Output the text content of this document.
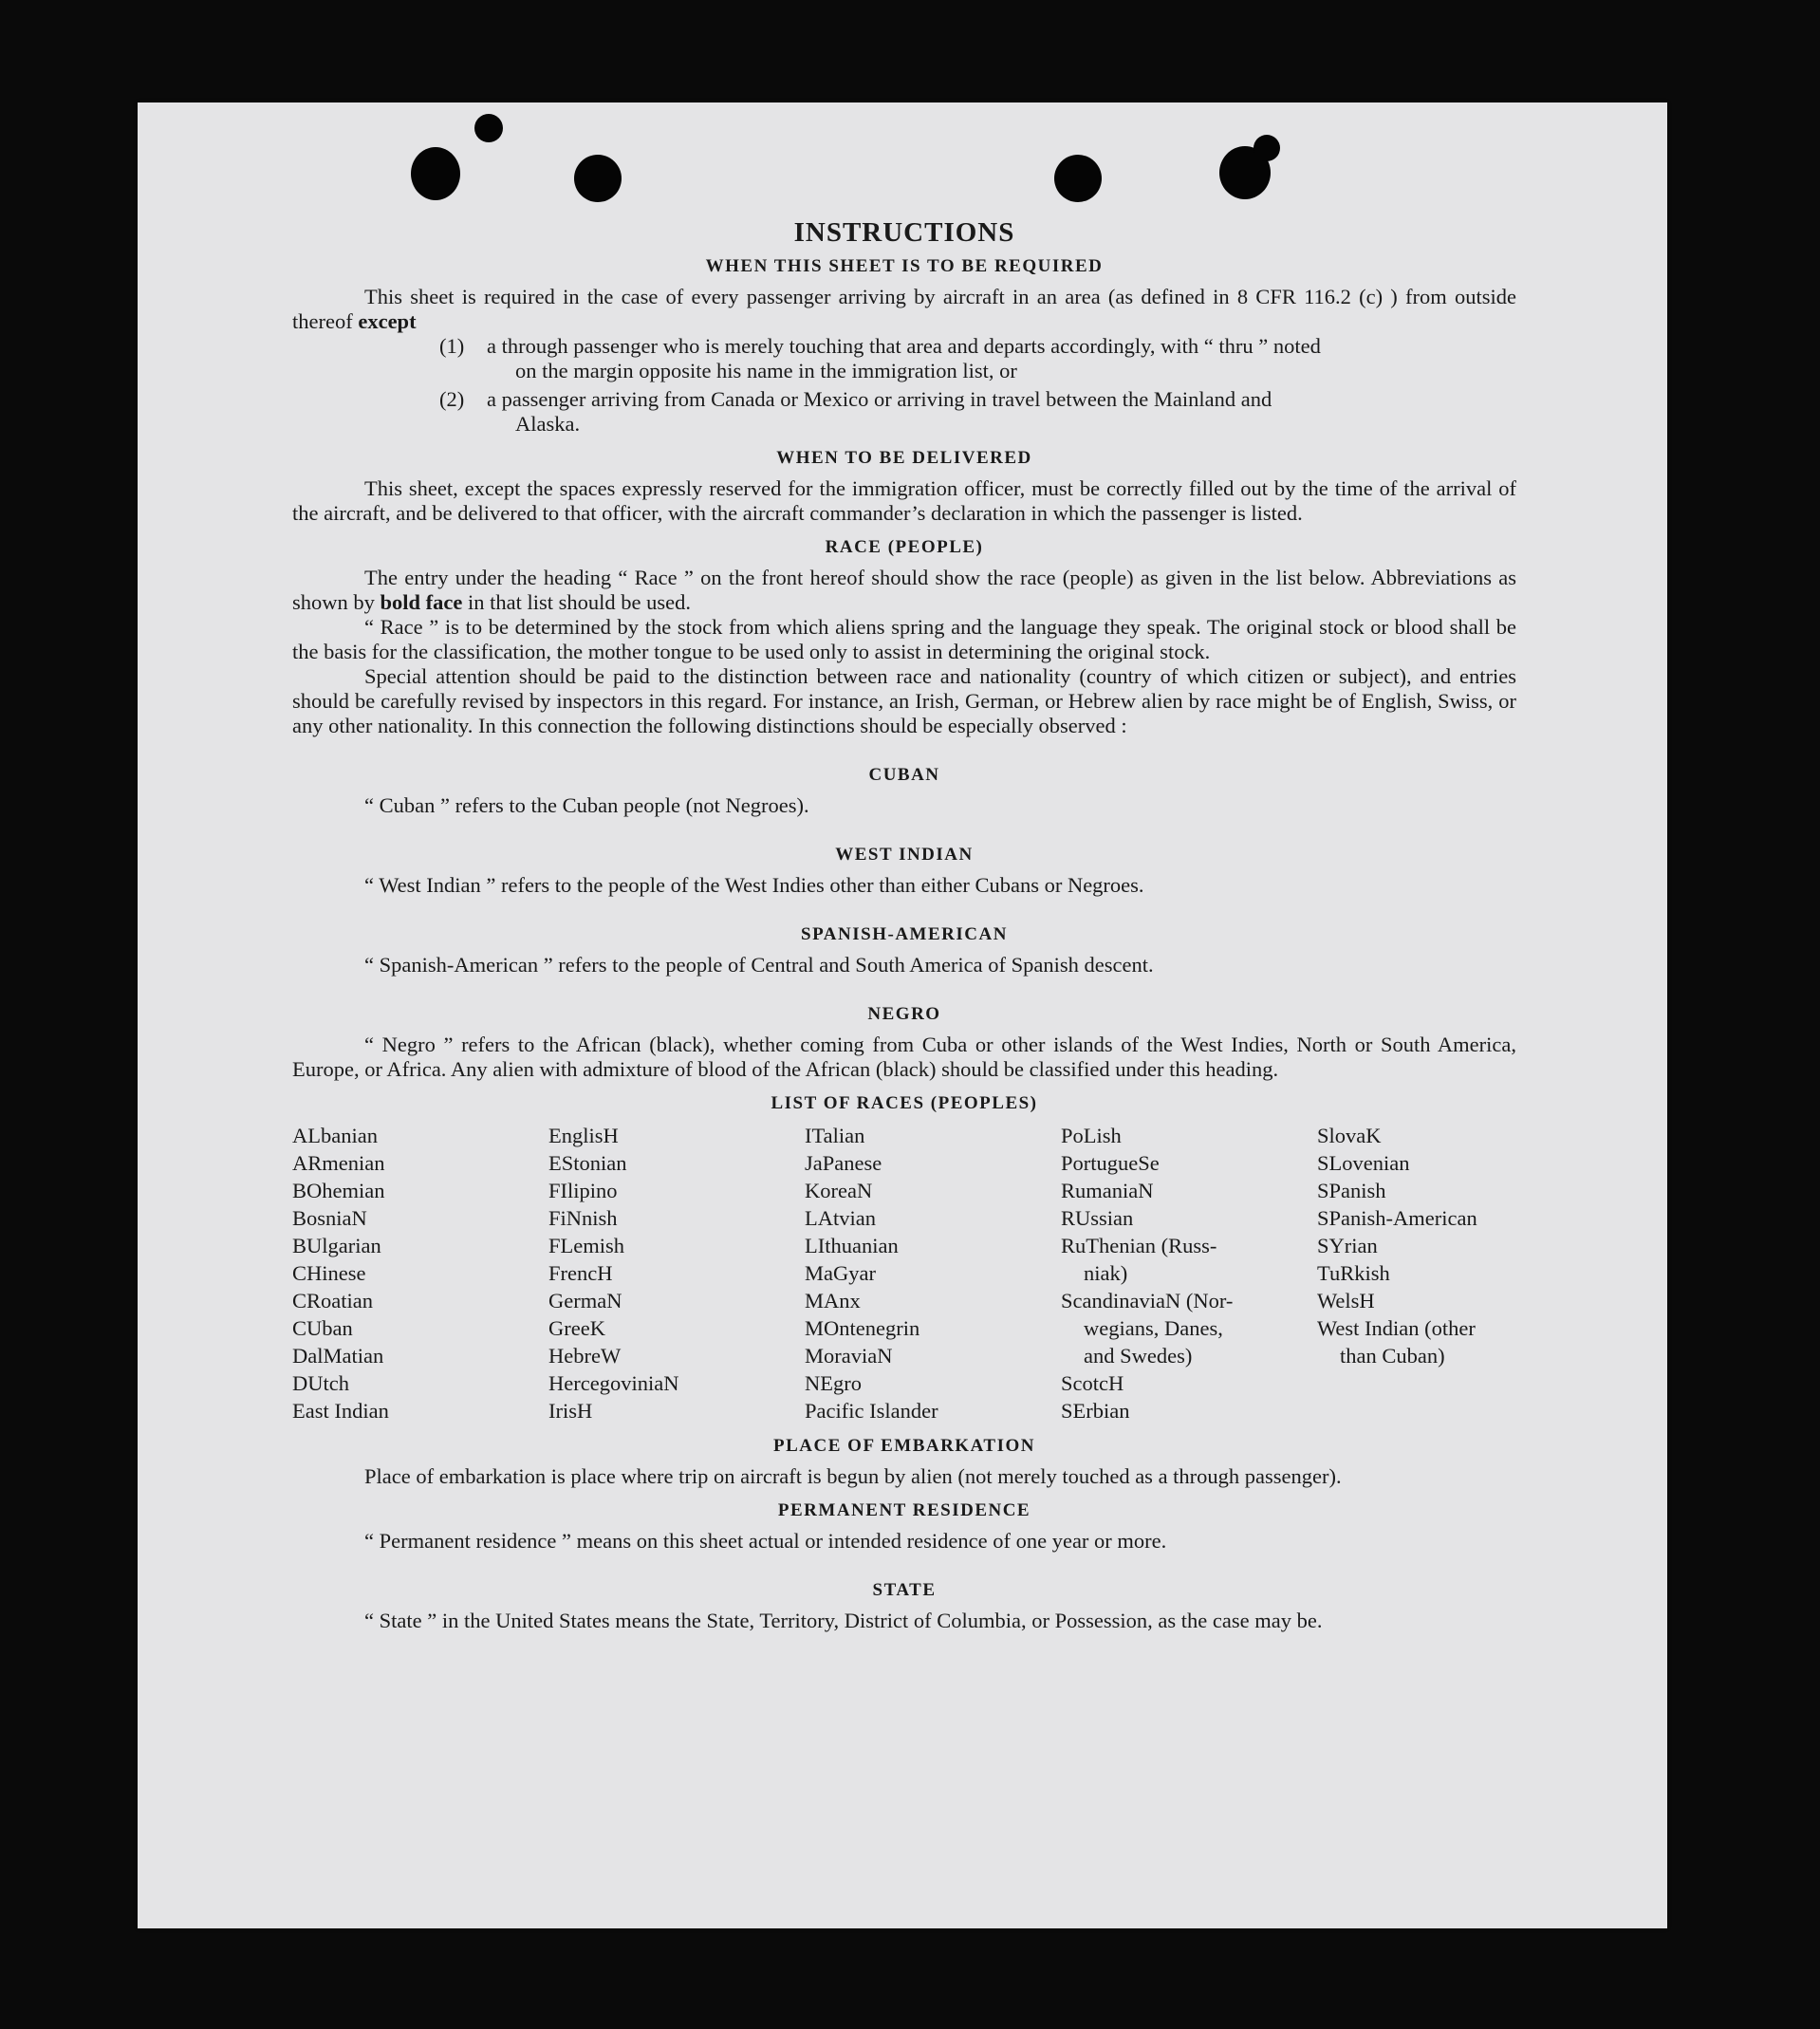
INSTRUCTIONS
WHEN THIS SHEET IS TO BE REQUIRED

This sheet is required in the case of every passenger arriving by aircraft in an area (as defined in 8 CFR 116.2 (c) ) from outside thereof except

(1)	a through passenger who is merely touching that area and departs accordingly, with “ thru ” noted
on the margin opposite his name in the immigration list, or
(2)	a passenger arriving from Canada or Mexico or arriving in travel between the Mainland and
Alaska.
WHEN TO BE DELIVERED

This sheet, except the spaces expressly reserved for the immigration officer, must be correctly filled out by the time of the arrival of the aircraft, and be delivered to that officer, with the aircraft commander’s declaration in which the passenger is listed.

RACE (PEOPLE)

The entry under the heading “ Race ” on the front hereof should show the race (people) as given in the list below. Abbreviations as shown by bold face in that list should be used.

“ Race ” is to be determined by the stock from which aliens spring and the language they speak. The original stock or blood shall be the basis for the classification, the mother tongue to be used only to assist in determining the original stock.

Special attention should be paid to the distinction between race and nationality (country of which citizen or subject), and entries should be carefully revised by inspectors in this regard. For instance, an Irish, German, or Hebrew alien by race might be of English, Swiss, or any other nationality. In this connection the following distinctions should be especially observed :

CUBAN

“ Cuban ” refers to the Cuban people (not Negroes).

WEST INDIAN

“ West Indian ” refers to the people of the West Indies other than either Cubans or Negroes.

SPANISH-AMERICAN

“ Spanish-American ” refers to the people of Central and South America of Spanish descent.

NEGRO

“ Negro ” refers to the African (black), whether coming from Cuba or other islands of the West Indies, North or South America, Europe, or Africa. Any alien with admixture of blood of the African (black) should be classified under this heading.

LIST OF RACES (PEOPLES)
ALbanian
ARmenian
BOhemian
BosniaN
BUlgarian
CHinese
CRoatian
CUban
DalMatian
DUtch
East Indian
EnglisH
EStonian
FIlipino
FiNnish
FLemish
FrencH
GermaN
GreeK
HebreW
HercegoviniaN
IrisH
ITalian
JaPanese
KoreaN
LAtvian
LIthuanian
MaGyar
MAnx
MOntenegrin
MoraviaN
NEgro
Pacific Islander
PoLish
PortugueSe
RumaniaN
RUssian
RuThenian (Russ-
niak)
ScandinaviaN (Nor-
wegians, Danes,
and Swedes)
ScotcH
SErbian
SlovaK
SLovenian
SPanish
SPanish-American
SYrian
TuRkish
WelsH
West Indian (other
than Cuban)
PLACE OF EMBARKATION

Place of embarkation is place where trip on aircraft is begun by alien (not merely touched as a through passenger).

PERMANENT RESIDENCE

“ Permanent residence ” means on this sheet actual or intended residence of one year or more.

STATE

“ State ” in the United States means the State, Territory, District of Columbia, or Possession, as the case may be.
